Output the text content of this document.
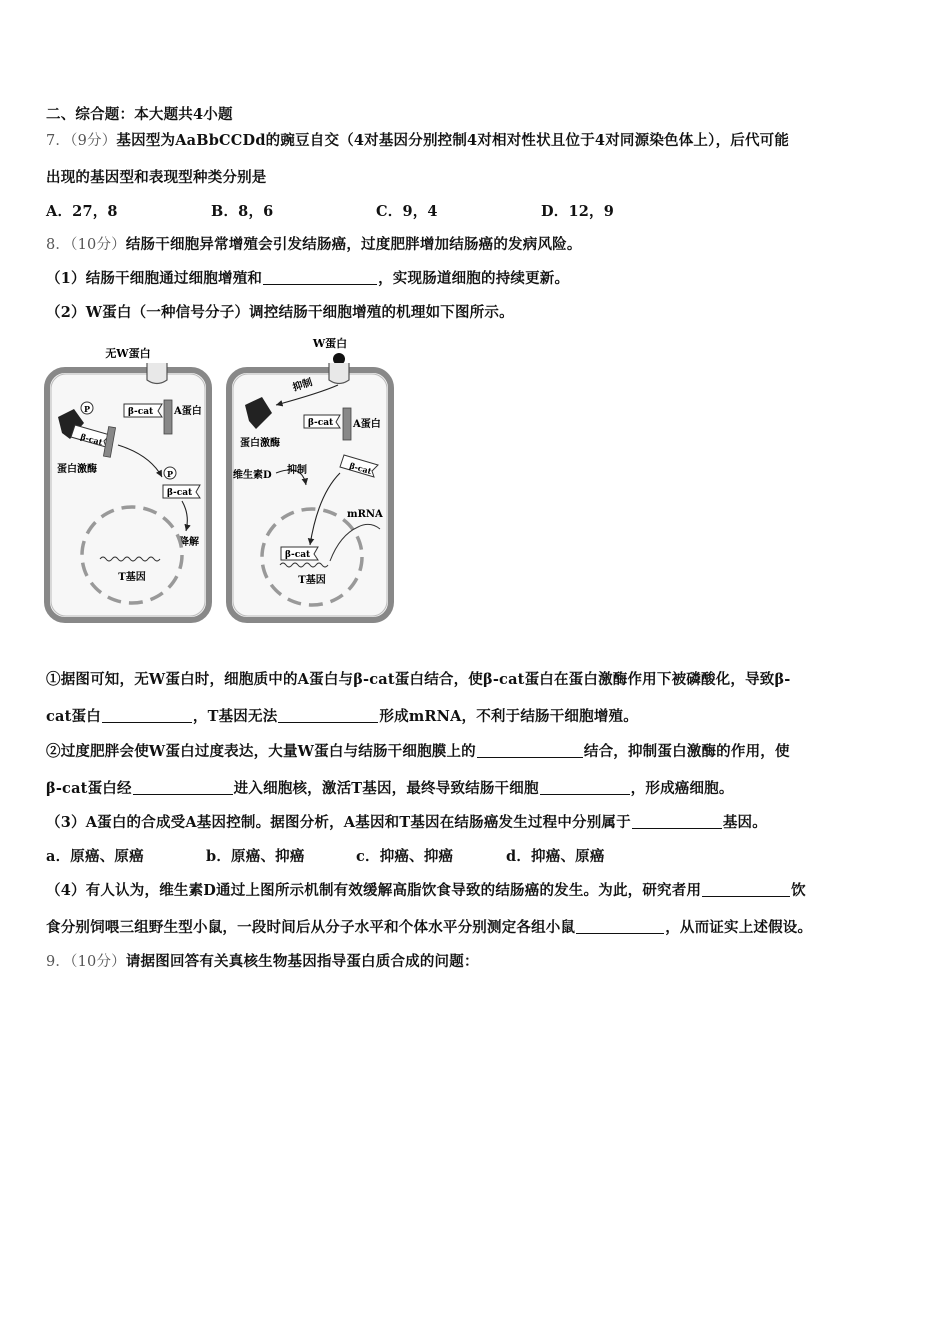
二、综合题：本大题共4小题
7．（9分）基因型为AaBbCCDd的豌豆自交（4对基因分别控制4对相对性状且位于4对同源染色体上），后代可能
出现的基因型和表现型种类分别是
A．27，8	B．8，6	C．9，4	D．12，9
8．（10分）结肠干细胞异常增殖会引发结肠癌，过度肥胖增加结肠癌的发病风险。
（1）结肠干细胞通过细胞增殖和	，实现肠道细胞的持续更新。
（2）W蛋白（一种信号分子）调控结肠干细胞增殖的机理如下图所示。
无W蛋白
A蛋白
β-cat
P
β-cat
蛋白激酶	P
β-cat
降解
T基因
W蛋白
抑制
蛋白激酶
A蛋白
β-cat
维生素D 抑制	β-cat
β-cat
mRNA
T基因
①据图可知，无W蛋白时，细胞质中的A蛋白与β-cat蛋白结合，使β-cat蛋白在蛋白激酶作用下被磷酸化，导致β-
cat蛋白	，T基因无法	形成mRNA，不利于结肠干细胞增殖。
②过度肥胖会使W蛋白过度表达，大量W蛋白与结肠干细胞膜上的	结合，抑制蛋白激酶的作用，使
β-cat蛋白经	进入细胞核，激活T基因，最终导致结肠干细胞	，形成癌细胞。
（3）A蛋白的合成受A基因控制。据图分析，A基因和T基因在结肠癌发生过程中分别属于	基因。
a．原癌、原癌	b．原癌、抑癌	c．抑癌、抑癌	d．抑癌、原癌
（4）有人认为，维生素D通过上图所示机制有效缓解高脂饮食导致的结肠癌的发生。为此，研究者用	饮
食分别饲喂三组野生型小鼠，一段时间后从分子水平和个体水平分别测定各组小鼠	，从而证实上述假设。
9．（10分）请据图回答有关真核生物基因指导蛋白质合成的问题：
